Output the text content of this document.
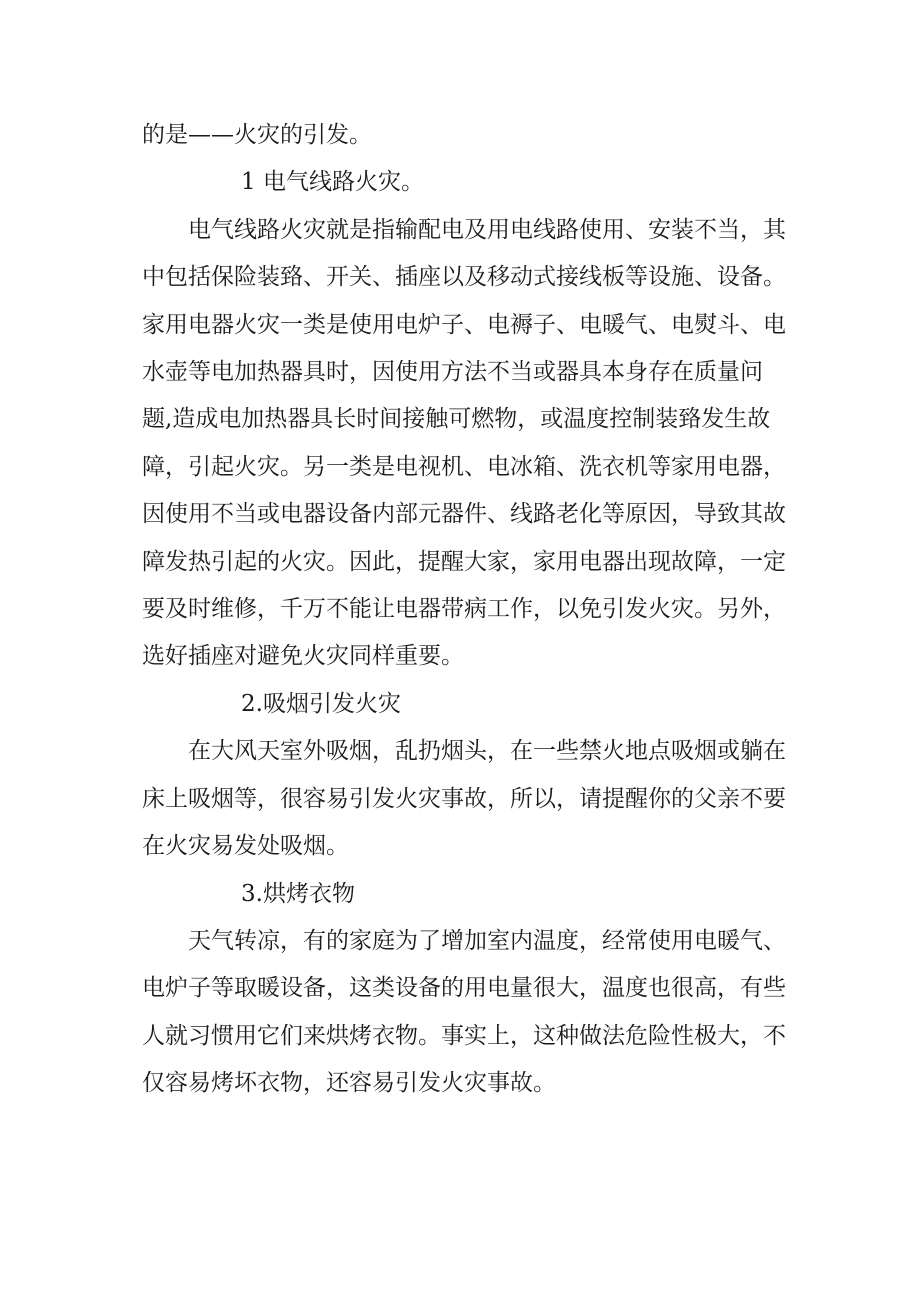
的是——火灾的引发。

1 电气线路火灾。

电气线路火灾就是指输配电及用电线路使用、安装不当，其中包括保险装臵、开关、插座以及移动式接线板等设施、设备。家用电器火灾一类是使用电炉子、电褥子、电暖气、电熨斗、电水壶等电加热器具时，因使用方法不当或器具本身存在质量问题,造成电加热器具长时间接触可燃物，或温度控制装臵发生故障，引起火灾。另一类是电视机、电冰箱、洗衣机等家用电器，因使用不当或电器设备内部元器件、线路老化等原因，导致其故障发热引起的火灾。因此，提醒大家，家用电器出现故障，一定要及时维修，千万不能让电器带病工作，以免引发火灾。另外，选好插座对避免火灾同样重要。

2.吸烟引发火灾

在大风天室外吸烟，乱扔烟头，在一些禁火地点吸烟或躺在床上吸烟等，很容易引发火灾事故，所以，请提醒你的父亲不要在火灾易发处吸烟。

3.烘烤衣物

天气转凉，有的家庭为了增加室内温度，经常使用电暖气、电炉子等取暖设备，这类设备的用电量很大，温度也很高，有些人就习惯用它们来烘烤衣物。事实上，这种做法危险性极大，不仅容易烤坏衣物，还容易引发火灾事故。
